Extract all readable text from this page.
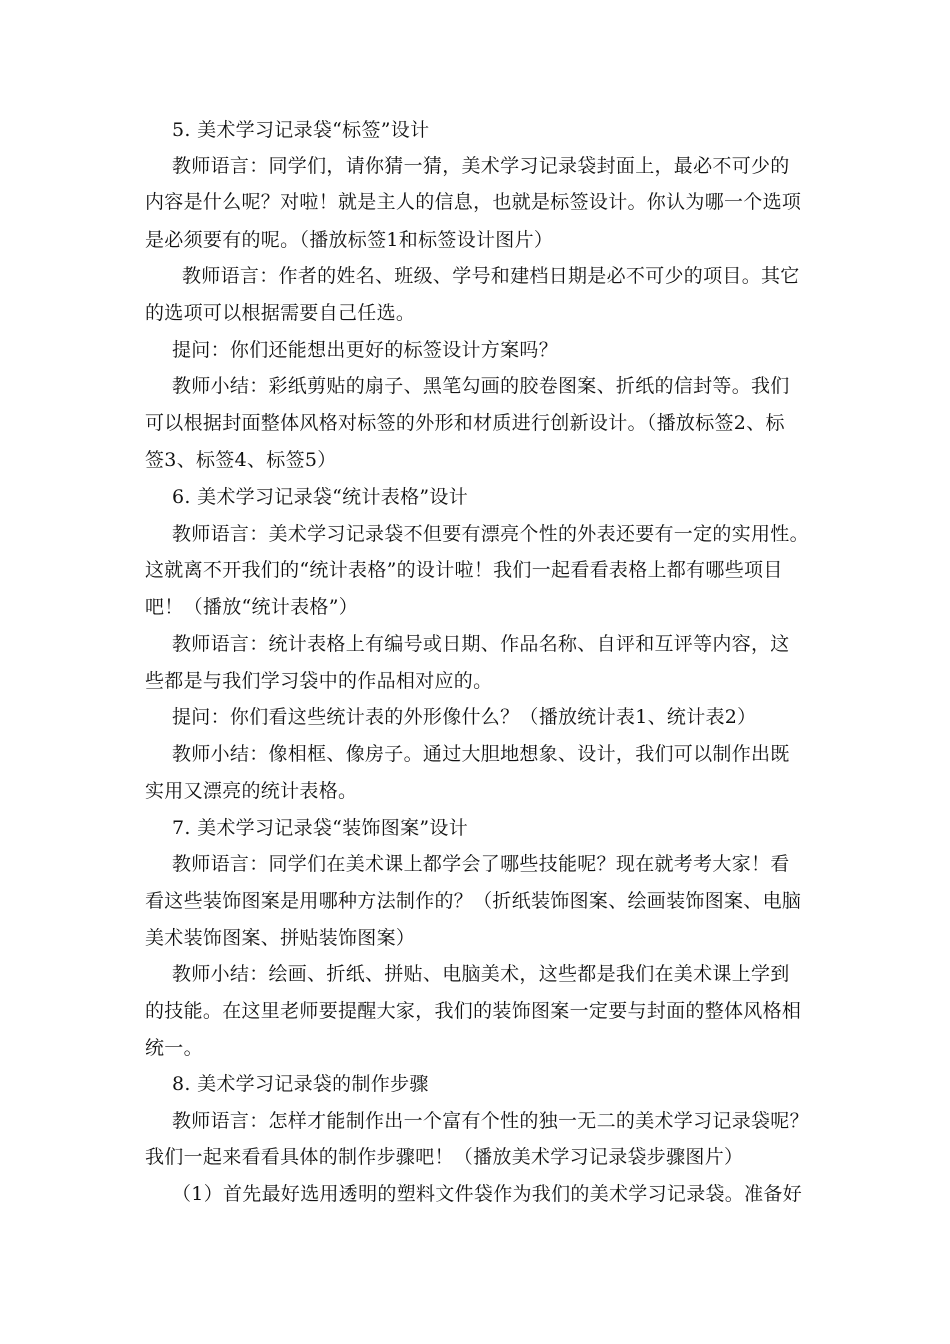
5. 美术学习记录袋“标签”设计
教师语言：同学们，请你猜一猜，美术学习记录袋封面上，最必不可少的
内容是什么呢？对啦！就是主人的信息，也就是标签设计。你认为哪一个选项
是必须要有的呢。（播放标签1和标签设计图片）
教师语言：作者的姓名、班级、学号和建档日期是必不可少的项目。其它
的选项可以根据需要自己任选。
提问：你们还能想出更好的标签设计方案吗？
教师小结：彩纸剪贴的扇子、黑笔勾画的胶卷图案、折纸的信封等。我们
可以根据封面整体风格对标签的外形和材质进行创新设计。（播放标签2、标
签3、标签4、标签5）
6. 美术学习记录袋“统计表格”设计
教师语言：美术学习记录袋不但要有漂亮个性的外表还要有一定的实用性。
这就离不开我们的“统计表格”的设计啦！我们一起看看表格上都有哪些项目
吧！（播放“统计表格”）
教师语言：统计表格上有编号或日期、作品名称、自评和互评等内容，这
些都是与我们学习袋中的作品相对应的。
提问：你们看这些统计表的外形像什么？（播放统计表1、统计表2）
教师小结：像相框、像房子。通过大胆地想象、设计，我们可以制作出既
实用又漂亮的统计表格。
7. 美术学习记录袋“装饰图案”设计
教师语言：同学们在美术课上都学会了哪些技能呢？现在就考考大家！看
看这些装饰图案是用哪种方法制作的？（折纸装饰图案、绘画装饰图案、电脑
美术装饰图案、拼贴装饰图案）
教师小结：绘画、折纸、拼贴、电脑美术，这些都是我们在美术课上学到
的技能。在这里老师要提醒大家，我们的装饰图案一定要与封面的整体风格相
统一。
8. 美术学习记录袋的制作步骤
教师语言：怎样才能制作出一个富有个性的独一无二的美术学习记录袋呢？
我们一起来看看具体的制作步骤吧！（播放美术学习记录袋步骤图片）
（1）首先最好选用透明的塑料文件袋作为我们的美术学习记录袋。准备好
